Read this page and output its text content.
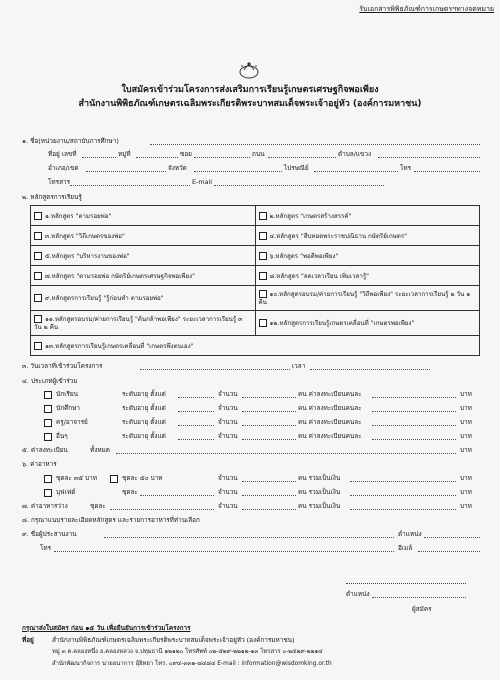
รับเอกสารพิพิธภัณฑ์การเกษตรฯทางจดหมาย
ใบสมัครเข้าร่วมโครงการส่งเสริมการเรียนรู้เกษตรเศรษฐกิจพอเพียง
สำนักงานพิพิธภัณฑ์เกษตรเฉลิมพระเกียรติพระบาทสมเด็จพระเจ้าอยู่หัว (องค์การมหาชน)
๑. ชื่อ(หน่วยงาน/สถาบันการศึกษา)
ที่อยู่ เลขที่	หมู่ที่	ซอย	ถนน	ตำบล/แขวง
อำเภอ/เขต	จังหวัด	ไปรษณีย์	โทร
โทรสาร	E-mail
๒. หลักสูตรการเรียนรู้
๑.หลักสูตร "ตามรอยพ่อ"	๒.หลักสูตร "เกษตรสร้างสรรค์"
๓.หลักสูตร "วิถีเกษตรของพ่อ"	๔.หลักสูตร "สืบทอดพระราชปณิธาน กษัตริย์เกษตร"
๕.หลักสูตร "บริหารงานของพ่อ"	๖.หลักสูตร "พอดีพอเพียง"
๗.หลักสูตร "ตามรอยพ่อ กษัตริย์เกษตรเศรษฐกิจพอเพียง"	๘.หลักสูตร "ลดเวลาเรียน เพิ่มเวลารู้"
๙.หลักสูตรการเรียนรู้ "รู้ก่อนทำ ตามรอยพ่อ"	๑๐.หลักสูตรอบรม/ค่ายการเรียนรู้ "วิถีพอเพียง" ระยะเวลาการเรียนรู้ ๒ วัน ๑ คืน
๑๑.หลักสูตรอบรม/ค่ายการเรียนรู้ "ต้นกล้าพอเพียง" ระยะเวลาการเรียนรู้ ๓ วัน ๒ คืน	๑๒.หลักสูตรการเรียนรู้เกษตรเคลื่อนที่ "เกษตรพอเพียง"
๑๓.หลักสูตรการเรียนรู้เกษตรเคลื่อนที่ "เกษตรพึ่งตนเอง"	
๓. วันเวลาที่เข้าร่วมโครงการ	เวลา
๔. ประเภทผู้เข้าร่วม
นักเรียน	ระดับอายุ ตั้งแต่	จำนวน	คน ค่าลงทะเบียนคนละ	บาท
นักศึกษา	ระดับอายุ ตั้งแต่	จำนวน	คน ค่าลงทะเบียนคนละ	บาท
ครู/อาจารย์	ระดับอายุ ตั้งแต่	จำนวน	คน ค่าลงทะเบียนคนละ	บาท
อื่นๆ	ระดับอายุ ตั้งแต่	จำนวน	คน ค่าลงทะเบียนคนละ	บาท
๕. ค่าลงทะเบียน	ทั้งหมด	บาท
๖. ค่าอาหาร
ชุดละ ๓๕ บาท	ชุดละ ๕๐ บาท	จำนวน	คน รวมเป็นเงิน	บาท
บุฟเฟต์	ชุดละ	จำนวน	คน รวมเป็นเงิน	บาท
๗. ค่าอาหารว่าง	ชุดละ	จำนวน	คน รวมเป็นเงิน	บาท
๘. กรุณาแนบรายละเอียดหลักสูตร และรายการอาหารที่ท่านเลือก
๙. ชื่อผู้ประสานงาน	ตำแหน่ง
โทร	อีเมล์
ตำแหน่ง
ผู้สมัคร
กรุณาส่งใบสมัคร ก่อน ๑๕ วัน เพื่อยืนยันการเข้าร่วมโครงการ
ที่อยู่	สำนักงานพิพิธภัณฑ์เกษตรเฉลิมพระเกียรติพระบาทสมเด็จพระเจ้าอยู่หัว (องค์การมหาชน)
หมู่ ๓ ต.คลองหนึ่ง อ.คลองหลวง จ.ปทุมธานี ๑๒๑๒๐ โทรศัพท์ ๐๒-๕๒๙-๒๒๑๒-๑๓ โทรสาร ๐-๒๕๒๙-๒๒๑๔
สำนักพัฒนากิจการ นายอนาการ อุ้ยิทยา โทร. ๐๙๔-๓๓๑-๘๔๘๔ E-mail : information@wisdomking.or.th
